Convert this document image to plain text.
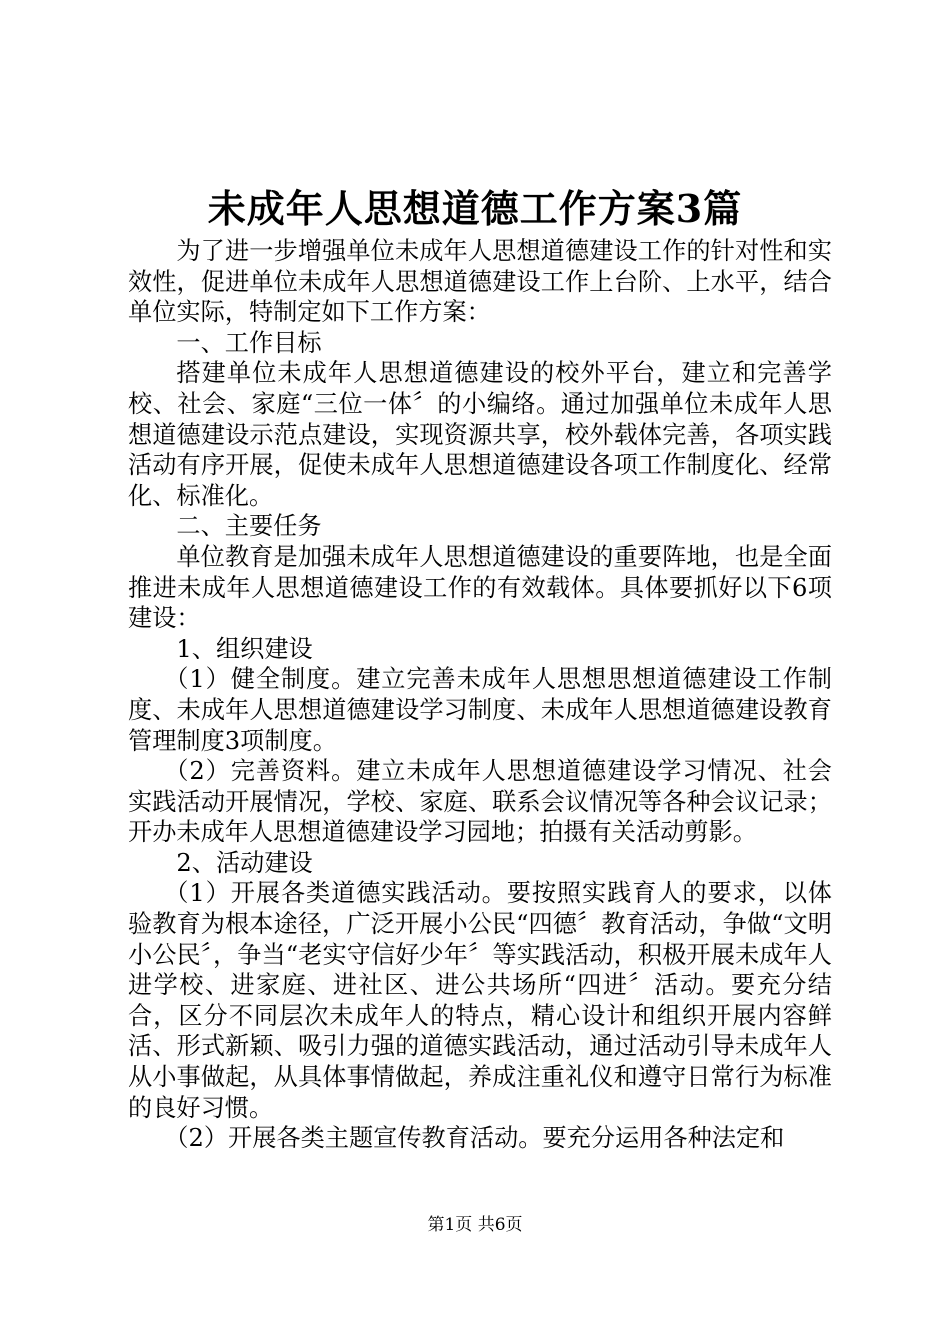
未成年人思想道德工作方案3篇

为了进一步增强单位未成年人思想道德建设工作的针对性和实效性，促进单位未成年人思想道德建设工作上台阶、上水平，结合单位实际，特制定如下工作方案：

一、工作目标

搭建单位未成年人思想道德建设的校外平台，建立和完善学校、社会、家庭“三位一体〞的小编络。通过加强单位未成年人思想道德建设示范点建设，实现资源共享，校外载体完善，各项实践活动有序开展，促使未成年人思想道德建设各项工作制度化、经常化、标准化。

二、主要任务

单位教育是加强未成年人思想道德建设的重要阵地，也是全面推进未成年人思想道德建设工作的有效载体。具体要抓好以下6项建设：

1、组织建设

（1）健全制度。建立完善未成年人思想思想道德建设工作制度、未成年人思想道德建设学习制度、未成年人思想道德建设教育管理制度3项制度。

（2）完善资料。建立未成年人思想道德建设学习情况、社会实践活动开展情况，学校、家庭、联系会议情况等各种会议记录；开办未成年人思想道德建设学习园地；拍摄有关活动剪影。

2、活动建设

（1）开展各类道德实践活动。要按照实践育人的要求，以体验教育为根本途径，广泛开展小公民“四德〞教育活动，争做“文明小公民〞，争当“老实守信好少年〞等实践活动，积极开展未成年人进学校、进家庭、进社区、进公共场所“四进〞活动。要充分结合，区分不同层次未成年人的特点，精心设计和组织开展内容鲜活、形式新颖、吸引力强的道德实践活动，通过活动引导未成年人从小事做起，从具体事情做起，养成注重礼仪和遵守日常行为标准的良好习惯。

（2）开展各类主题宣传教育活动。要充分运用各种法定和

第1页 共6页
